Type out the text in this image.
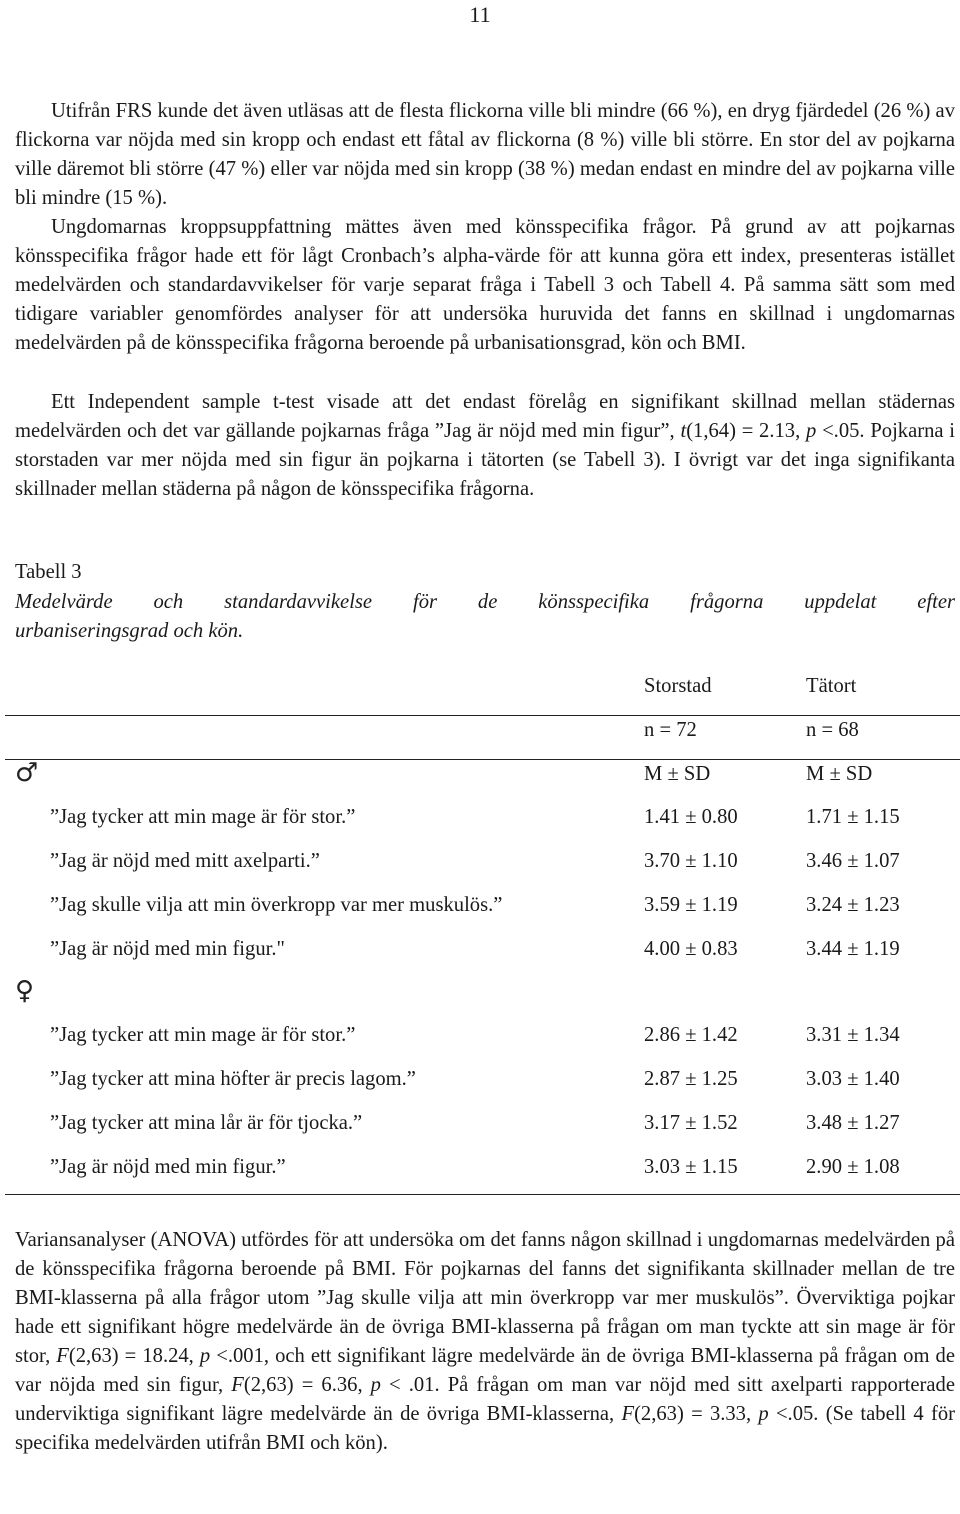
11
Utifrån FRS kunde det även utläsas att de flesta flickorna ville bli mindre (66 %), en dryg fjärdedel (26 %) av flickorna var nöjda med sin kropp och endast ett fåtal av flickorna (8 %) ville bli större. En stor del av pojkarna ville däremot bli större (47 %) eller var nöjda med sin kropp (38 %) medan endast en mindre del av pojkarna ville bli mindre (15 %).
Ungdomarnas kroppsuppfattning mättes även med könsspecifika frågor. På grund av att pojkarnas könsspecifika frågor hade ett för lågt Cronbach’s alpha-värde för att kunna göra ett index, presenteras istället medelvärden och standardavvikelser för varje separat fråga i Tabell 3 och Tabell 4. På samma sätt som med tidigare variabler genomfördes analyser för att undersöka huruvida det fanns en skillnad i ungdomarnas medelvärden på de könsspecifika frågorna beroende på urbanisationsgrad, kön och BMI.
Ett Independent sample t-test visade att det endast förelåg en signifikant skillnad mellan städernas medelvärden och det var gällande pojkarnas fråga ”Jag är nöjd med min figur”, t(1,64) = 2.13, p <.05. Pojkarna i storstaden var mer nöjda med sin figur än pojkarna i tätorten (se Tabell 3). I övrigt var det inga signifikanta skillnader mellan städerna på någon de könsspecifika frågorna.
Tabell 3
Medelvärde och standardavvikelse för de könsspecifika frågorna uppdelat efter
urbaniseringsgrad och kön.
Storstad	Tätort
n = 72	n = 68
♂	M ± SD	M ± SD
”Jag tycker att min mage är för stor.”	1.41 ± 0.80	1.71 ± 1.15
”Jag är nöjd med mitt axelparti.”	3.70 ± 1.10	3.46 ± 1.07
”Jag skulle vilja att min överkropp var mer muskulös.”	3.59 ± 1.19	3.24 ± 1.23
”Jag är nöjd med min figur."	4.00 ± 0.83	3.44 ± 1.19
♀
”Jag tycker att min mage är för stor.”	2.86 ± 1.42	3.31 ± 1.34
”Jag tycker att mina höfter är precis lagom.”	2.87 ± 1.25	3.03 ± 1.40
”Jag tycker att mina lår är för tjocka.”	3.17 ± 1.52	3.48 ± 1.27
”Jag är nöjd med min figur.”	3.03 ± 1.15	2.90 ± 1.08
Variansanalyser (ANOVA) utfördes för att undersöka om det fanns någon skillnad i ungdomarnas medelvärden på de könsspecifika frågorna beroende på BMI. För pojkarnas del fanns det signifikanta skillnader mellan de tre BMI-klasserna på alla frågor utom ”Jag skulle vilja att min överkropp var mer muskulös”. Överviktiga pojkar hade ett signifikant högre medelvärde än de övriga BMI-klasserna på frågan om man tyckte att sin mage är för stor, F(2,63) = 18.24, p <.001, och ett signifikant lägre medelvärde än de övriga BMI-klasserna på frågan om de var nöjda med sin figur, F(2,63) = 6.36, p < .01. På frågan om man var nöjd med sitt axelparti rapporterade underviktiga signifikant lägre medelvärde än de övriga BMI-klasserna, F(2,63) = 3.33, p <.05. (Se tabell 4 för specifika medelvärden utifrån BMI och kön).
